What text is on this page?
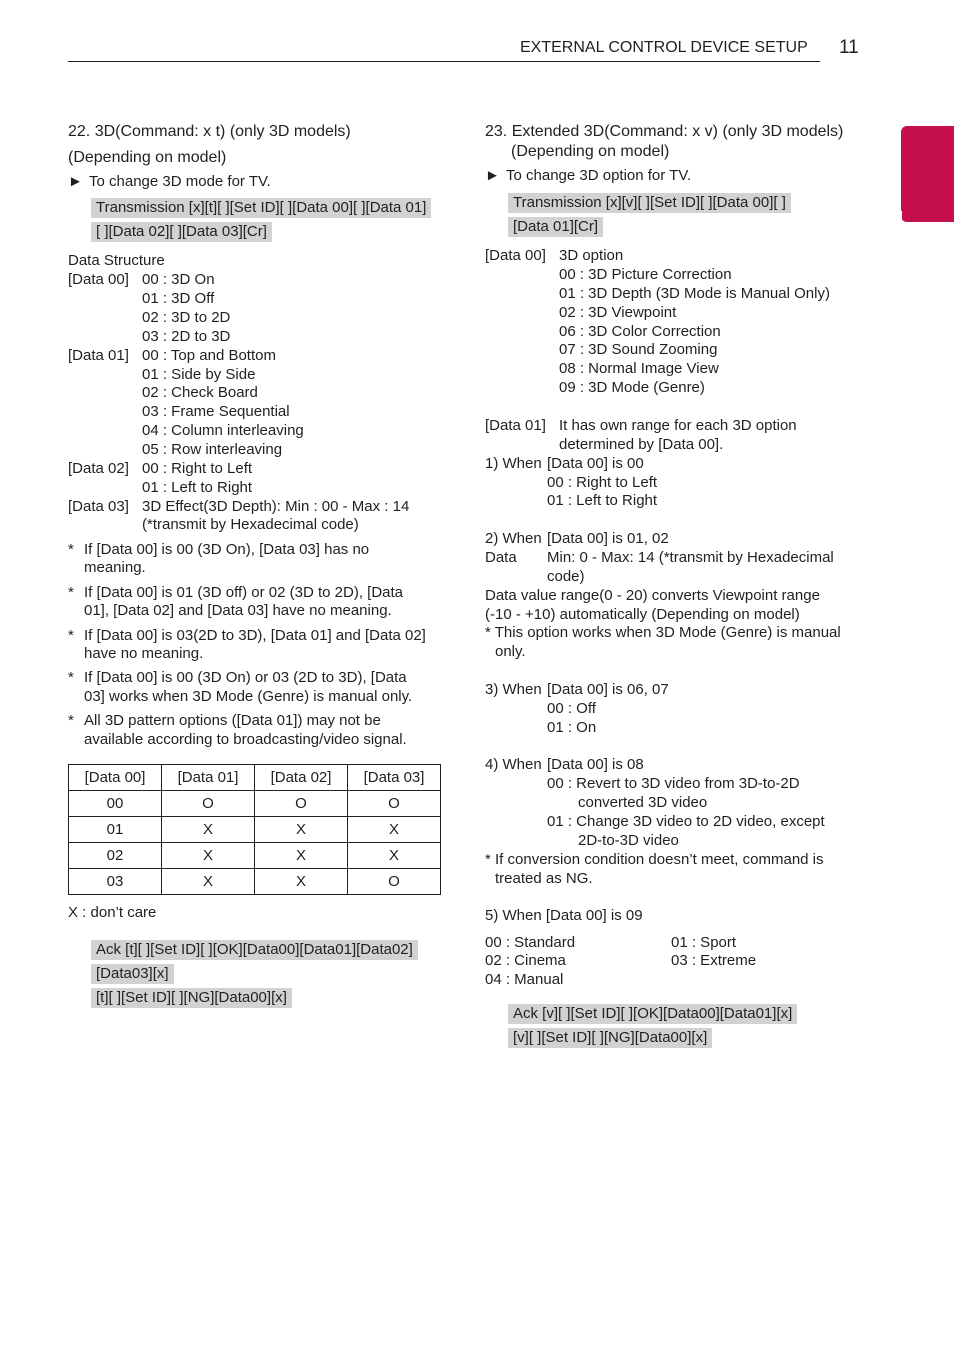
EXTERNAL CONTROL DEVICE SETUP 11
ENGLISH
22. 3D(Command: x t) (only 3D models)
(Depending on model)
► To change 3D mode for TV.
Transmission [x][t][ ][Set ID][ ][Data 00][ ][Data 01]
[ ][Data 02][ ][Data 03][Cr]
Data Structure
[Data 00] 00 : 3D On
01 : 3D Off
02 : 3D to 2D
03 : 2D to 3D
[Data 01] 00 : Top and Bottom
01 : Side by Side
02 : Check Board
03 : Frame Sequential
04 : Column interleaving
05 : Row interleaving
[Data 02] 00 : Right to Left
01 : Left to Right
[Data 03] 3D Effect(3D Depth): Min : 00 - Max : 14
(*transmit by Hexadecimal code)
* If [Data 00] is 00 (3D On), [Data 03] has no
meaning.
* If [Data 00] is 01 (3D off) or 02 (3D to 2D), [Data
01], [Data 02] and [Data 03] have no meaning.
* If [Data 00] is 03(2D to 3D), [Data 01] and [Data 02]
have no meaning.
* If [Data 00] is 00 (3D On) or 03 (2D to 3D), [Data
03] works when 3D Mode (Genre) is manual only.
* All 3D pattern options ([Data 01]) may not be
available according to broadcasting/video signal.
[Data 00]	[Data 01]	[Data 02]	[Data 03]
00	O	O	O
01	X	X	X
02	X	X	X
03	X	X	O
X : don’t care
Ack [t][ ][Set ID][ ][OK][Data00][Data01][Data02]
[Data03][x]
[t][ ][Set ID][ ][NG][Data00][x]
23. Extended 3D(Command: x v) (only 3D models)
(Depending on model)
► To change 3D option for TV.
Transmission [x][v][ ][Set ID][ ][Data 00][ ]
[Data 01][Cr]
[Data 00] 3D option
00 : 3D Picture Correction
01 : 3D Depth (3D Mode is Manual Only)
02 : 3D Viewpoint
06 : 3D Color Correction
07 : 3D Sound Zooming
08 : Normal Image View
09 : 3D Mode (Genre)
[Data 01] It has own range for each 3D option
determined by [Data 00].
1) When [Data 00] is 00
00 : Right to Left
01 : Left to Right
2) When [Data 00] is 01, 02
Data Min: 0 - Max: 14 (*transmit by Hexadecimal
code)
Data value range(0 - 20) converts Viewpoint range
(-10 - +10) automatically (Depending on model)
* This option works when 3D Mode (Genre) is manual
only.
3) When [Data 00] is 06, 07
00 : Off
01 : On
4) When [Data 00] is 08
00 : Revert to 3D video from 3D-to-2D
converted 3D video
01 : Change 3D video to 2D video, except
2D-to-3D video
* If conversion condition doesn’t meet, command is
treated as NG.
5) When [Data 00] is 09
00 : Standard	01 : Sport
02 : Cinema	03 : Extreme
04 : Manual
Ack [v][ ][Set ID][ ][OK][Data00][Data01][x]
[v][ ][Set ID][ ][NG][Data00][x]
